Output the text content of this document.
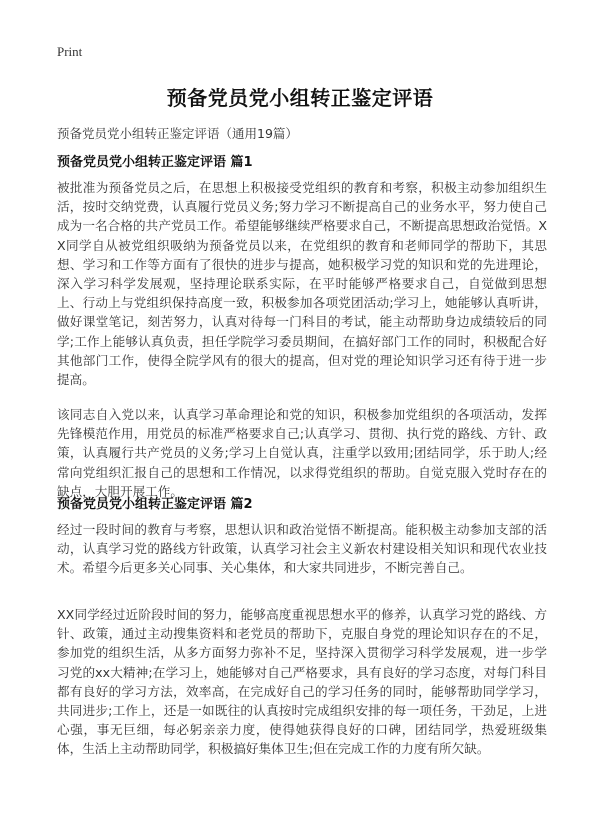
Print
预备党员党小组转正鉴定评语
预备党员党小组转正鉴定评语（通用19篇）
预备党员党小组转正鉴定评语 篇1

被批准为预备党员之后，在思想上积极接受党组织的教育和考察，积极主动参加组织生活，按时交纳党费，认真履行党员义务;努力学习不断提高自己的业务水平，努力使自己成为一名合格的共产党员工作。希望能够继续严格要求自己，不断提高思想政治觉悟。XX同学自从被党组织吸纳为预备党员以来，在党组织的教育和老师同学的帮助下，其思想、学习和工作等方面有了很快的进步与提高，她积极学习党的知识和党的先进理论，深入学习科学发展观，坚持理论联系实际，在平时能够严格要求自己，自觉做到思想上、行动上与党组织保持高度一致，积极参加各项党团活动;学习上，她能够认真听讲，做好课堂笔记，刻苦努力，认真对待每一门科目的考试，能主动帮助身边成绩较后的同学;工作上能够认真负责，担任学院学习委员期间，在搞好部门工作的同时，积极配合好其他部门工作，使得全院学风有的很大的提高，但对党的理论知识学习还有待于进一步提高。

该同志自入党以来，认真学习革命理论和党的知识，积极参加党组织的各项活动，发挥先锋模范作用，用党员的标准严格要求自己;认真学习、贯彻、执行党的路线、方针、政策，认真履行共产党员的义务;学习上自觉认真，注重学以致用;团结同学，乐于助人;经常向党组织汇报自己的思想和工作情况，以求得党组织的帮助。自觉克服入党时存在的缺点，大胆开展工作。

预备党员党小组转正鉴定评语 篇2

经过一段时间的教育与考察，思想认识和政治觉悟不断提高。能积极主动参加支部的活动，认真学习党的路线方针政策，认真学习社会主义新农村建设相关知识和现代农业技术。希望今后更多关心同事、关心集体，和大家共同进步，不断完善自己。

XX同学经过近阶段时间的努力，能够高度重视思想水平的修养，认真学习党的路线、方针、政策，通过主动搜集资料和老党员的帮助下，克服自身党的理论知识存在的不足，参加党的组织生活，从多方面努力弥补不足，坚持深入贯彻学习科学发展观，进一步学习党的xx大精神;在学习上，她能够对自己严格要求，具有良好的学习态度，对每门科目都有良好的学习方法，效率高，在完成好自己的学习任务的同时，能够帮助同学学习，共同进步;工作上，还是一如既往的认真按时完成组织安排的每一项任务，干劲足，上进心强，事无巨细，每必躬亲亲力度，使得她获得良好的口碑，团结同学，热爱班级集体，生活上主动帮助同学，积极搞好集体卫生;但在完成工作的力度有所欠缺。
